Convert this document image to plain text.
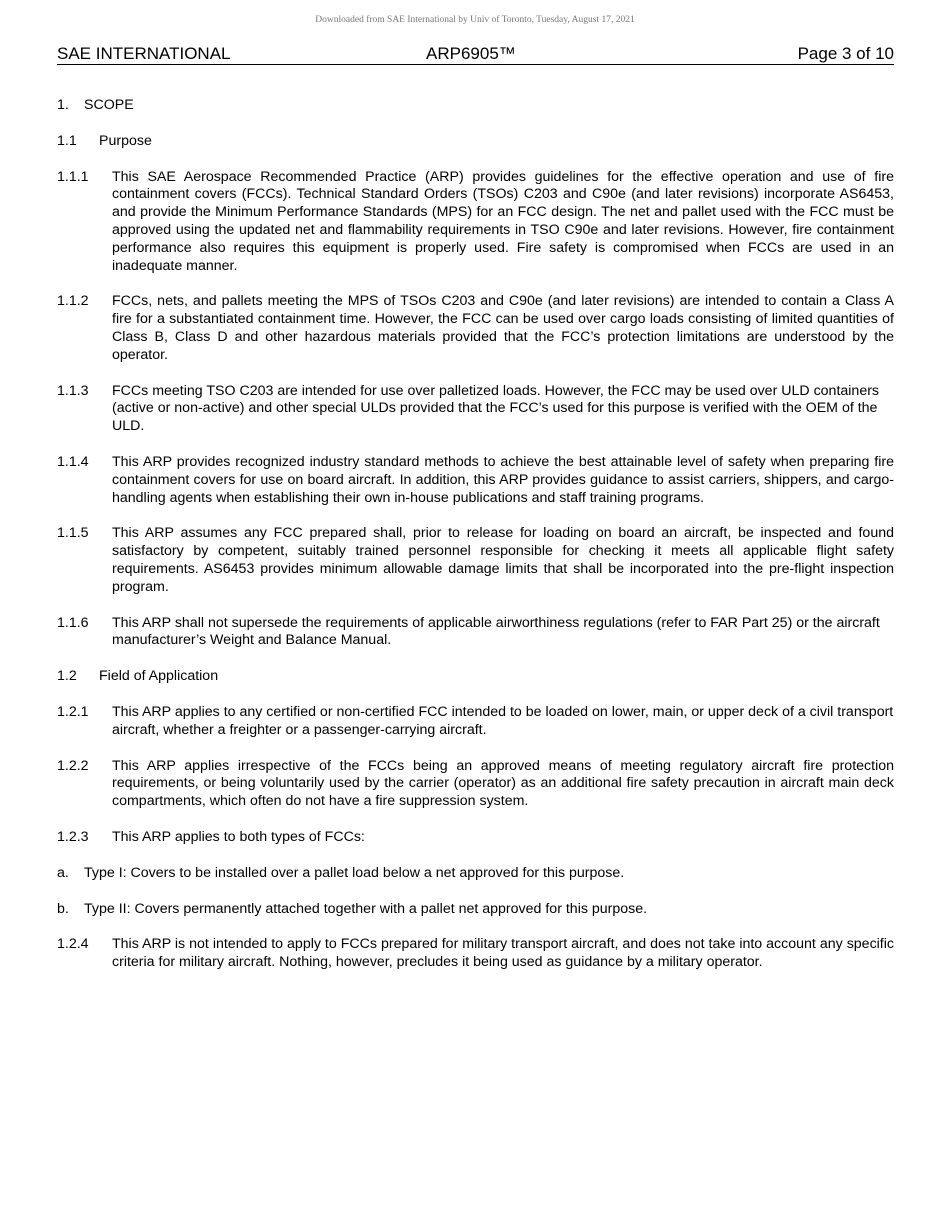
Downloaded from SAE International by Univ of Toronto, Tuesday, August 17, 2021
SAE INTERNATIONAL	ARP6905™	Page 3 of 10
1. SCOPE
1.1 Purpose
1.1.1	This SAE Aerospace Recommended Practice (ARP) provides guidelines for the effective operation and use of fire containment covers (FCCs). Technical Standard Orders (TSOs) C203 and C90e (and later revisions) incorporate AS6453, and provide the Minimum Performance Standards (MPS) for an FCC design. The net and pallet used with the FCC must be approved using the updated net and flammability requirements in TSO C90e and later revisions. However, fire containment performance also requires this equipment is properly used. Fire safety is compromised when FCCs are used in an inadequate manner.
1.1.2	FCCs, nets, and pallets meeting the MPS of TSOs C203 and C90e (and later revisions) are intended to contain a Class A fire for a substantiated containment time. However, the FCC can be used over cargo loads consisting of limited quantities of Class B, Class D and other hazardous materials provided that the FCC’s protection limitations are understood by the operator.
1.1.3	FCCs meeting TSO C203 are intended for use over palletized loads. However, the FCC may be used over ULD containers (active or non-active) and other special ULDs provided that the FCC’s used for this purpose is verified with the OEM of the ULD.
1.1.4	This ARP provides recognized industry standard methods to achieve the best attainable level of safety when preparing fire containment covers for use on board aircraft. In addition, this ARP provides guidance to assist carriers, shippers, and cargo-handling agents when establishing their own in-house publications and staff training programs.
1.1.5	This ARP assumes any FCC prepared shall, prior to release for loading on board an aircraft, be inspected and found satisfactory by competent, suitably trained personnel responsible for checking it meets all applicable flight safety requirements. AS6453 provides minimum allowable damage limits that shall be incorporated into the pre-flight inspection program.
1.1.6	This ARP shall not supersede the requirements of applicable airworthiness regulations (refer to FAR Part 25) or the aircraft manufacturer’s Weight and Balance Manual.
1.2 Field of Application
1.2.1	This ARP applies to any certified or non-certified FCC intended to be loaded on lower, main, or upper deck of a civil transport aircraft, whether a freighter or a passenger-carrying aircraft.
1.2.2	This ARP applies irrespective of the FCCs being an approved means of meeting regulatory aircraft fire protection requirements, or being voluntarily used by the carrier (operator) as an additional fire safety precaution in aircraft main deck compartments, which often do not have a fire suppression system.
1.2.3	This ARP applies to both types of FCCs:
a.	Type I: Covers to be installed over a pallet load below a net approved for this purpose.
b.	Type II: Covers permanently attached together with a pallet net approved for this purpose.
1.2.4	This ARP is not intended to apply to FCCs prepared for military transport aircraft, and does not take into account any specific criteria for military aircraft. Nothing, however, precludes it being used as guidance by a military operator.
